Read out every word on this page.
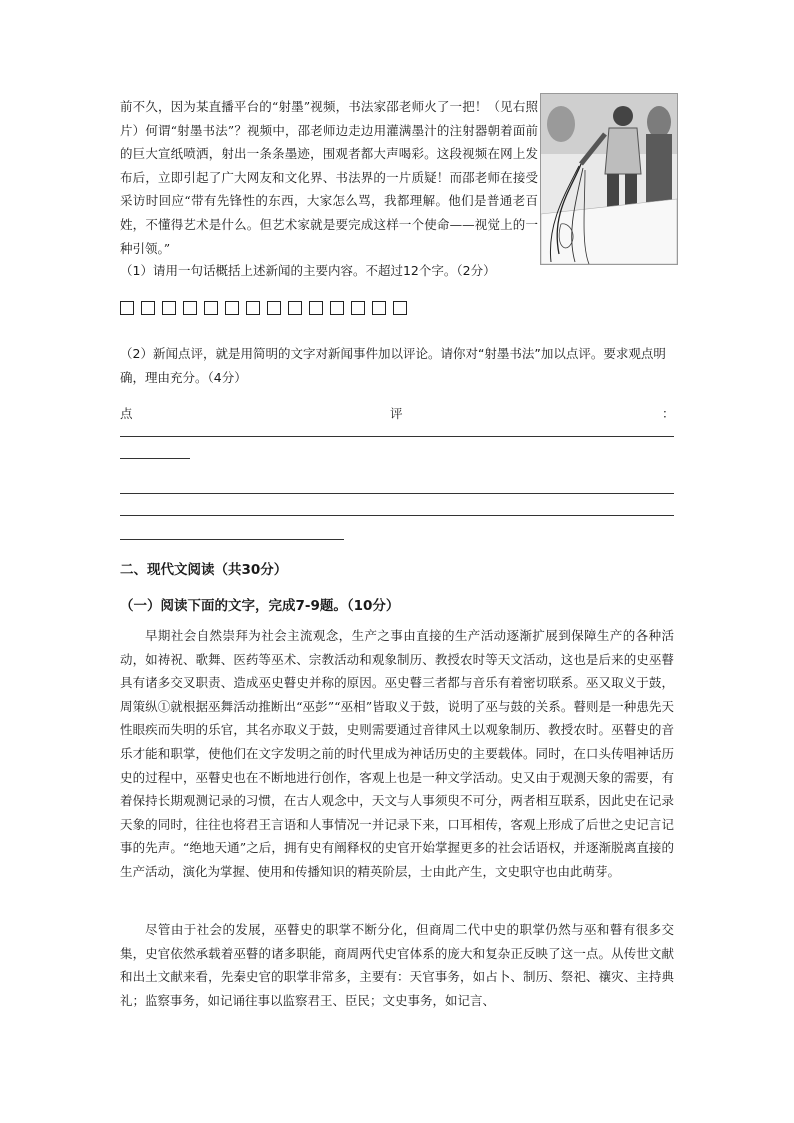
前不久，因为某直播平台的“射墨”视频，书法家邵老师火了一把！（见右照片）何谓“射墨书法”？视频中，邵老师边走边用灌满墨汁的注射器朝着面前的巨大宣纸喷洒，射出一条条墨迹，围观者都大声喝彩。这段视频在网上发布后，立即引起了广大网友和文化界、书法界的一片质疑！而邵老师在接受采访时回应“带有先锋性的东西，大家怎么骂，我都理解。他们是普通老百姓，不懂得艺术是什么。但艺术家就是要完成这样一个使命——视觉上的一种引领。”
（1）请用一句话概括上述新闻的主要内容。不超过12个字。（2分）
（2）新闻点评，就是用简明的文字对新闻事件加以评论。请你对“射墨书法”加以点评。要求观点明确，理由充分。（4分）
点	评	：
二、现代文阅读（共30分）
（一）阅读下面的文字，完成7-9题。（10分）
早期社会自然崇拜为社会主流观念，生产之事由直接的生产活动逐渐扩展到保障生产的各种活动，如祷祝、歌舞、医药等巫术、宗教活动和观象制历、教授农时等天文活动，这也是后来的史巫瞽具有诸多交叉职责、造成巫史瞽史并称的原因。巫史瞽三者都与音乐有着密切联系。巫又取义于鼓，周策纵①就根据巫舞活动推断出“巫彭”“巫相”皆取义于鼓，说明了巫与鼓的关系。瞽则是一种患先天性眼疾而失明的乐官，其名亦取义于鼓，史则需要通过音律风土以观象制历、教授农时。巫瞽史的音乐才能和职掌，使他们在文字发明之前的时代里成为神话历史的主要载体。同时，在口头传唱神话历史的过程中，巫瞽史也在不断地进行创作，客观上也是一种文学活动。史又由于观测天象的需要，有着保持长期观测记录的习惯，在古人观念中，天文与人事须臾不可分，两者相互联系，因此史在记录天象的同时，往往也将君王言语和人事情况一并记录下来，口耳相传，客观上形成了后世之史记言记事的先声。“绝地天通”之后，拥有史有阐释权的史官开始掌握更多的社会话语权，并逐渐脱离直接的生产活动，演化为掌握、使用和传播知识的精英阶层，士由此产生，文史职守也由此萌芽。
尽管由于社会的发展，巫瞽史的职掌不断分化，但商周二代中史的职掌仍然与巫和瞽有很多交集，史官依然承载着巫瞽的诸多职能，商周两代史官体系的庞大和复杂正反映了这一点。从传世文献和出土文献来看，先秦史官的职掌非常多，主要有：天官事务，如占卜、制历、祭祀、禳灾、主持典礼；监察事务，如记诵往事以监察君王、臣民；文史事务，如记言、
